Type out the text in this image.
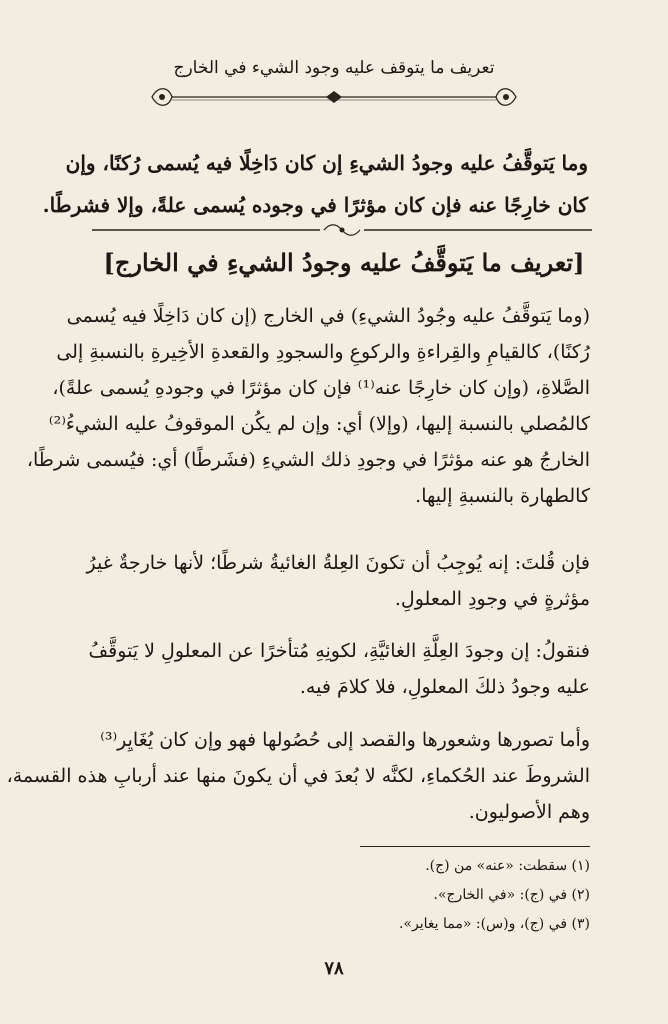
تعريف ما يتوقف عليه وجود الشيء في الخارج
وما يَتوقَّفُ عليه وجودُ الشيءِ إن كان دَاخِلًا فيه يُسمى رُكنًا، وإن
كان خارِجًا عنه فإن كان مؤثرًا في وجوده يُسمى علةً، وإلا فشرطًا.
[تعريف ما يَتوقَّفُ عليه وجودُ الشيءِ في الخارج]
(وما يَتوقَّفُ عليه وجُودُ الشيءِ) في الخارج (إن كان دَاخِلًا فيه يُسمى
رُكنًا)، كالقيامِ والقِراءةِ والركوعِ والسجودِ والقعدةِ الأخِيرةِ بالنسبةِ إلى
الصَّلاةِ، (وإن كان خارِجًا عنه⁽¹⁾ فإن كان مؤثرًا في وجودهِ يُسمى علةً)،
كالمُصلي بالنسبة إليها، (وإلا) أي: وإن لم يكُن الموقوفُ عليه الشيءُ⁽²⁾
الخارجُ هو عنه مؤثرًا في وجودِ ذلك الشيءِ (فشَرطًا) أي: فيُسمى شرطًا،
كالطهارة بالنسبةِ إليها.
فإن قُلتَ: إنه يُوجِبُ أن تكونَ العِلةُ الغائيةُ شرطًا؛ لأنها خارجةٌ غيرُ
مؤثرةٍ في وجودِ المعلولِ.
فنقولُ: إن وجودَ العِلَّةِ الغائيَّةِ، لكونِهِ مُتأخرًا عن المعلولِ لا يَتوقَّفُ
عليه وجودُ ذلكَ المعلولِ، فلا كلامَ فيه.
وأما تصورها وشعورها والقصد إلى حُصُولها فهو وإن كان يُغَايِر⁽³⁾
الشروطَ عند الحُكماءِ، لكنَّه لا بُعدَ في أن يكونَ منها عند أربابِ هذه القسمة،
وهم الأصوليون.
(١) سقطت: «عنه» من (ج).
(٢) في (ج): «في الخارج».
(٣) في (ج)، و(س): «مما يغاير».
٧٨
